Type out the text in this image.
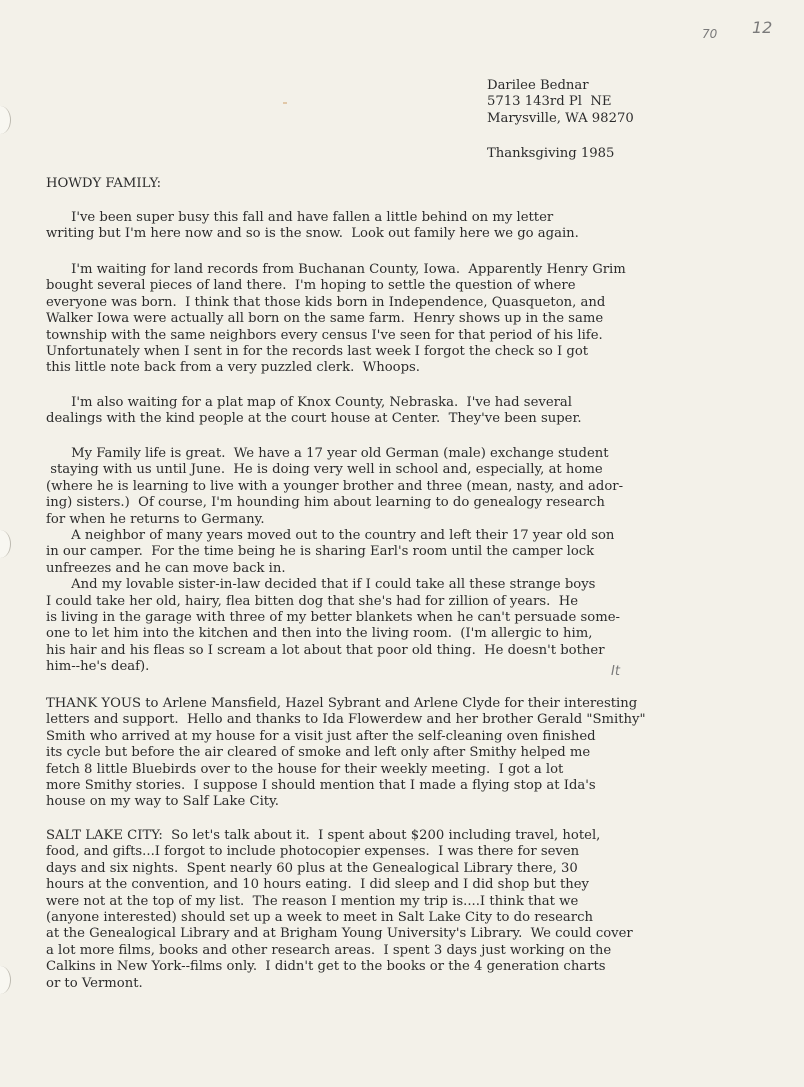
70 12
Darilee Bednar
5713 143rd Pl  NE
Marysville, WA 98270
Thanksgiving 1985
HOWDY FAMILY:
I've been super busy this fall and have fallen a little behind on my letter
writing but I'm here now and so is the snow.  Look out family here we go again.
I'm waiting for land records from Buchanan County, Iowa.  Apparently Henry Grim
bought several pieces of land there.  I'm hoping to settle the question of where
everyone was born.  I think that those kids born in Independence, Quasqueton, and
Walker Iowa were actually all born on the same farm.  Henry shows up in the same
township with the same neighbors every census I've seen for that period of his life.
Unfortunately when I sent in for the records last week I forgot the check so I got
this little note back from a very puzzled clerk.  Whoops.
I'm also waiting for a plat map of Knox County, Nebraska.  I've had several
dealings with the kind people at the court house at Center.  They've been super.
My Family life is great.  We have a 17 year old German (male) exchange student
staying with us until June.  He is doing very well in school and, especially, at home
(where he is learning to live with a younger brother and three (mean, nasty, and ador-
ing) sisters.)  Of course, I'm hounding him about learning to do genealogy research
for when he returns to Germany.
A neighbor of many years moved out to the country and left their 17 year old son
in our camper.  For the time being he is sharing Earl's room until the camper lock
unfreezes and he can move back in.
And my lovable sister-in-law decided that if I could take all these strange boys
I could take her old, hairy, flea bitten dog that she's had for zillion of years.  He
is living in the garage with three of my better blankets when he can't persuade some-
one to let him into the kitchen and then into the living room.  (I'm allergic to him,
his hair and his fleas so I scream a lot about that poor old thing.  He doesn't bother
him--he's deaf).	It
THANK YOUS to Arlene Mansfield, Hazel Sybrant and Arlene Clyde for their interesting
letters and support.  Hello and thanks to Ida Flowerdew and her brother Gerald "Smithy"
Smith who arrived at my house for a visit just after the self-cleaning oven finished
its cycle but before the air cleared of smoke and left only after Smithy helped me
fetch 8 little Bluebirds over to the house for their weekly meeting.  I got a lot
more Smithy stories.  I suppose I should mention that I made a flying stop at Ida's
house on my way to Salf Lake City.
SALT LAKE CITY:  So let's talk about it.  I spent about $200 including travel, hotel,
food, and gifts...I forgot to include photocopier expenses.  I was there for seven
days and six nights.  Spent nearly 60 plus at the Genealogical Library there, 30
hours at the convention, and 10 hours eating.  I did sleep and I did shop but they
were not at the top of my list.  The reason I mention my trip is....I think that we
(anyone interested) should set up a week to meet in Salt Lake City to do research
at the Genealogical Library and at Brigham Young University's Library.  We could cover
a lot more films, books and other research areas.  I spent 3 days just working on the
Calkins in New York--films only.  I didn't get to the books or the 4 generation charts
or to Vermont.
